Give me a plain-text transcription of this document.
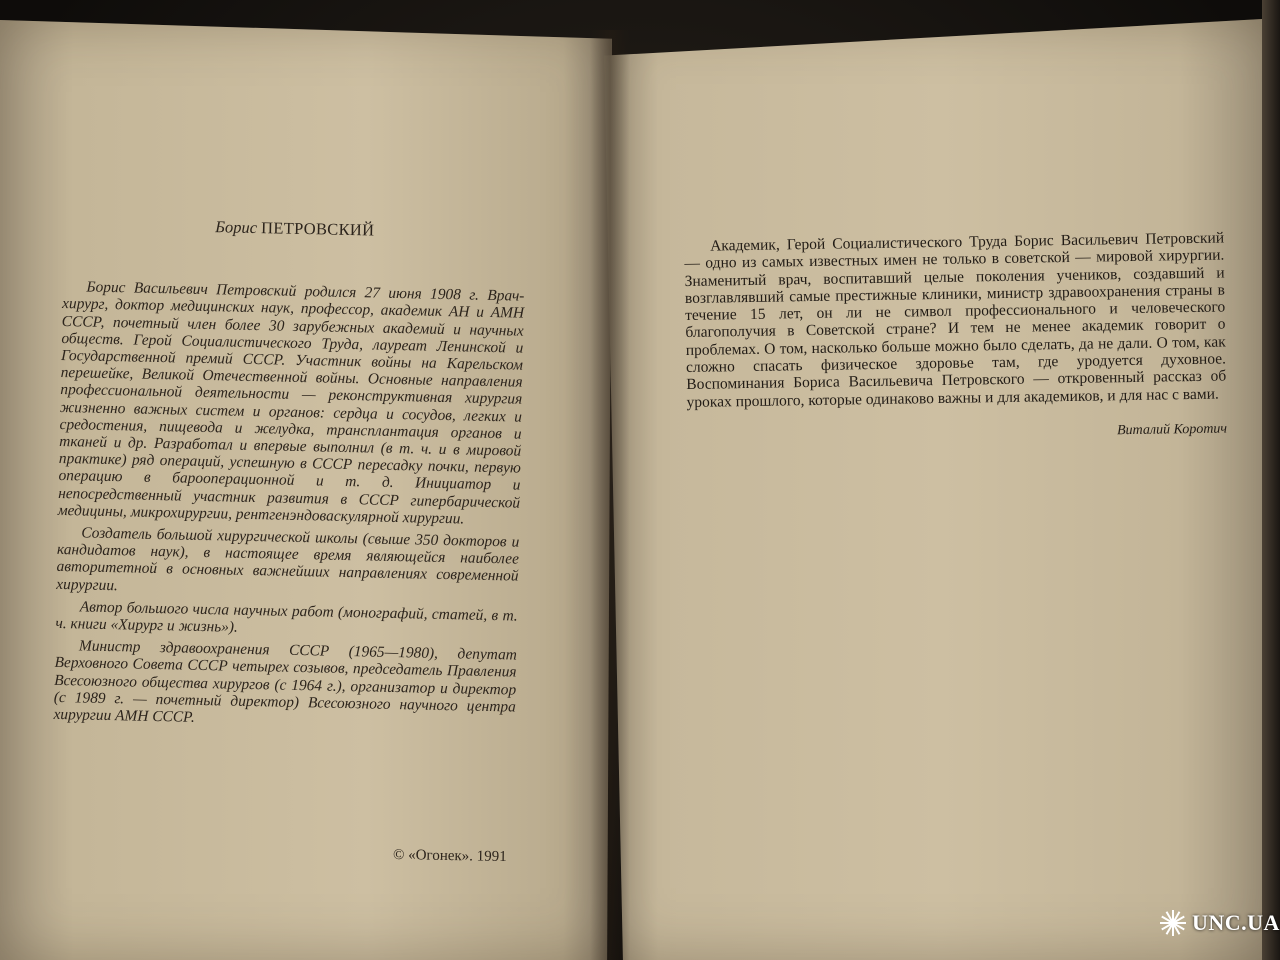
Борис ПЕТРОВСКИЙ

Борис Васильевич Петровский родился 27 июня 1908 г. Врач-хирург, доктор медицинских наук, профессор, академик АН и АМН СССР, почетный член более 30 зарубежных академий и научных обществ. Герой Социалистического Труда, лауреат Ленинской и Государственной премий СССР. Участник войны на Карельском перешейке, Великой Отечественной войны. Основные направления профессиональной деятельности — реконструктивная хирургия жизненно важных систем и органов: сердца и сосудов, легких и средостения, пищевода и желудка, трансплантация органов и тканей и др. Разработал и впервые выполнил (в т. ч. и в мировой практике) ряд операций, успешную в СССР пересадку почки, первую операцию в барооперационной и т. д. Инициатор и непосредственный участник развития в СССР гипербарической медицины, микрохирургии, рентгенэндоваскулярной хирургии.

Создатель большой хирургической школы (свыше 350 докторов и кандидатов наук), в настоящее время являющейся наиболее авторитетной в основных важнейших направлениях современной хирургии.

Автор большого числа научных работ (монографий, статей, в т. ч. книги «Хирург и жизнь»).

Министр здравоохранения СССР (1965—1980), депутат Верховного Совета СССР четырех созывов, председатель Правления Всесоюзного общества хирургов (с 1964 г.), организатор и директор (с 1989 г. — почетный директор) Всесоюзного научного центра хирургии АМН СССР.

© «Огонек». 1991

Академик, Герой Социалистического Труда Борис Васильевич Петровский — одно из самых известных имен не только в советской — мировой хирургии. Знаменитый врач, воспитавший целые поколения учеников, создавший и возглавлявший самые престижные клиники, министр здравоохранения страны в течение 15 лет, он ли не символ профессионального и человеческого благополучия в Советской стране? И тем не менее академик говорит о проблемах. О том, насколько больше можно было сделать, да не дали. О том, как сложно спасать физическое здоровье там, где уродуется духовное. Воспоминания Бориса Васильевича Петровского — откровенный рассказ об уроках прошлого, которые одинаково важны и для академиков, и для нас с вами.

Виталий Коротич
UNC.UA
